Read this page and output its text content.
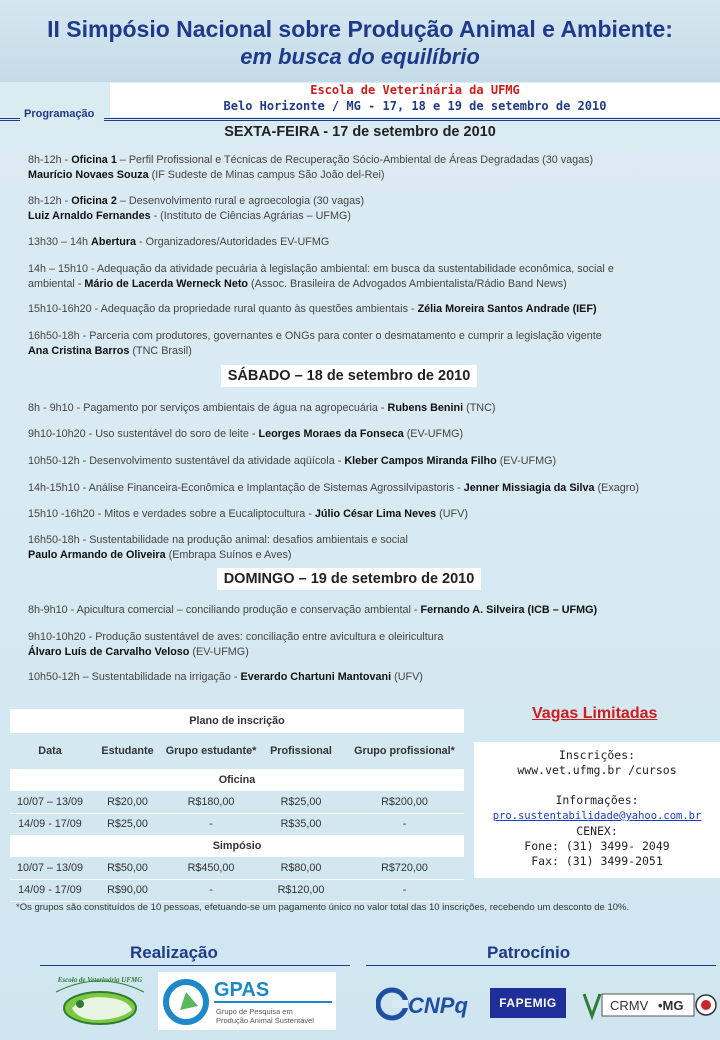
II Simpósio Nacional sobre Produção Animal e Ambiente:
em busca do equilíbrio
Escola de Veterinária da UFMG
Belo Horizonte / MG - 17, 18 e 19 de setembro de 2010
Programação
SEXTA-FEIRA - 17 de setembro de 2010
8h-12h - Oficina 1 – Perfil Profissional e Técnicas de Recuperação Sócio-Ambiental de Áreas Degradadas (30 vagas)
Maurício Novaes Souza (IF Sudeste de Minas campus São João del-Rei)
8h-12h - Oficina 2 – Desenvolvimento rural e agroecologia (30 vagas)
Luiz Arnaldo Fernandes - (Instituto de Ciências Agrárias – UFMG)
13h30 – 14h Abertura - Organizadores/Autoridades EV-UFMG
14h – 15h10 - Adequação da atividade pecuária à legislação ambiental: em busca da sustentabilidade econômica, social e
ambiental - Mário de Lacerda Werneck Neto (Assoc. Brasileira de Advogados Ambientalista/Rádio Band News)
15h10-16h20 - Adequação da propriedade rural quanto às questões ambientais - Zélia Moreira Santos Andrade (IEF)
16h50-18h - Parceria com produtores, governantes e ONGs para conter o desmatamento e cumprir a legislação vigente
Ana Cristina Barros (TNC Brasil)
SÁBADO – 18 de setembro de 2010
8h - 9h10 - Pagamento por serviços ambientais de água na agropecuária - Rubens Benini (TNC)
9h10-10h20 - Uso sustentável do soro de leite - Leorges Moraes da Fonseca (EV-UFMG)
10h50-12h - Desenvolvimento sustentável da atividade aqüícola - Kleber Campos Miranda Filho (EV-UFMG)
14h-15h10 - Análise Financeira-Econômica e Implantação de Sistemas Agrossilvipastoris - Jenner Missiagia da Silva (Exagro)
15h10 -16h20 - Mitos e verdades sobre a Eucaliptocultura - Júlio César Lima Neves (UFV)
16h50-18h - Sustentabilidade na produção animal: desafios ambientais e social
Paulo Armando de Oliveira (Embrapa Suínos e Aves)
DOMINGO – 19 de setembro de 2010
8h-9h10 - Apicultura comercial – conciliando produção e conservação ambiental - Fernando A. Silveira (ICB – UFMG)
9h10-10h20 - Produção sustentável de aves: conciliação entre avicultura e oleiricultura
Álvaro Luís de Carvalho Veloso (EV-UFMG)
10h50-12h – Sustentabilidade na irrigação - Everardo Chartuni Mantovani (UFV)
Plano de inscrição				
Data	Estudante	Grupo estudante*	Profissional	Grupo profissional*
Oficina				
10/07 – 13/09	R$20,00	R$180,00	R$25,00	R$200,00
14/09 - 17/09	R$25,00	-	R$35,00	-
Simpósio				
10/07 – 13/09	R$50,00	R$450,00	R$80,00	R$720,00
14/09 - 17/09	R$90,00	-	R$120,00	-
*Os grupos são constituídos de 10 pessoas, efetuando-se um pagamento único no valor total das 10 inscrições, recebendo um desconto de 10%.
Vagas Limitadas
Inscrições:
www.vet.ufmg.br /cursos
Informações:
pro.sustentabilidade@yahoo.com.br
CENEX:
Fone: (31) 3499- 2049
Fax: (31) 3499-2051
Realização	Patrocínio
Escola de Veterinária UFMG	GPAS
Grupo de Pesquisa em
Produção Animal Sustentável
CNPq	FAPEMIG	CRMV •MG
